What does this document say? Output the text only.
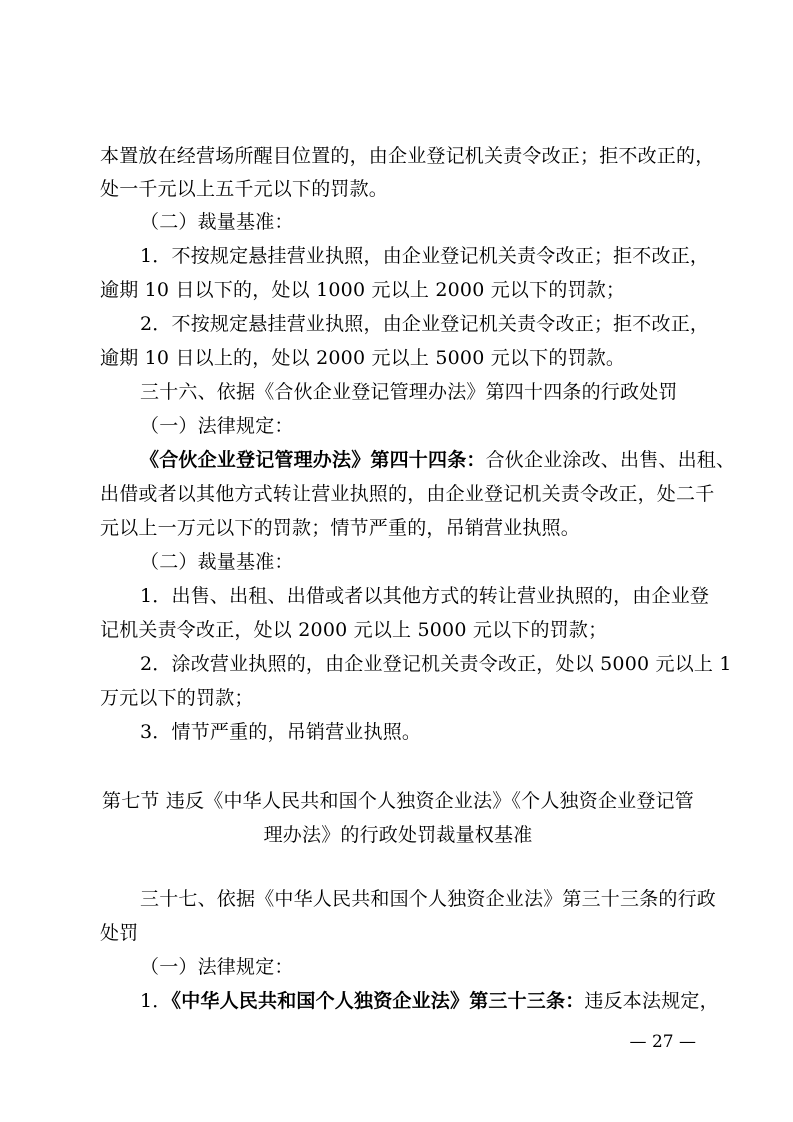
本置放在经营场所醒目位置的，由企业登记机关责令改正；拒不改正的，
处一千元以上五千元以下的罚款。
（二）裁量基准：
1．不按规定悬挂营业执照，由企业登记机关责令改正；拒不改正，
逾期 10 日以下的，处以 1000 元以上 2000 元以下的罚款；
2．不按规定悬挂营业执照，由企业登记机关责令改正；拒不改正，
逾期 10 日以上的，处以 2000 元以上 5000 元以下的罚款。
三十六、依据《合伙企业登记管理办法》第四十四条的行政处罚
（一）法律规定：
《合伙企业登记管理办法》第四十四条：合伙企业涂改、出售、出租、
出借或者以其他方式转让营业执照的，由企业登记机关责令改正，处二千
元以上一万元以下的罚款；情节严重的，吊销营业执照。
（二）裁量基准：
1．出售、出租、出借或者以其他方式的转让营业执照的，由企业登
记机关责令改正，处以 2000 元以上 5000 元以下的罚款；
2．涂改营业执照的，由企业登记机关责令改正，处以 5000 元以上 1
万元以下的罚款；
3．情节严重的，吊销营业执照。
第七节 违反《中华人民共和国个人独资企业法》《个人独资企业登记管
理办法》的行政处罚裁量权基准
三十七、依据《中华人民共和国个人独资企业法》第三十三条的行政
处罚
（一）法律规定：
1．《中华人民共和国个人独资企业法》第三十三条：违反本法规定，
— 27 —
